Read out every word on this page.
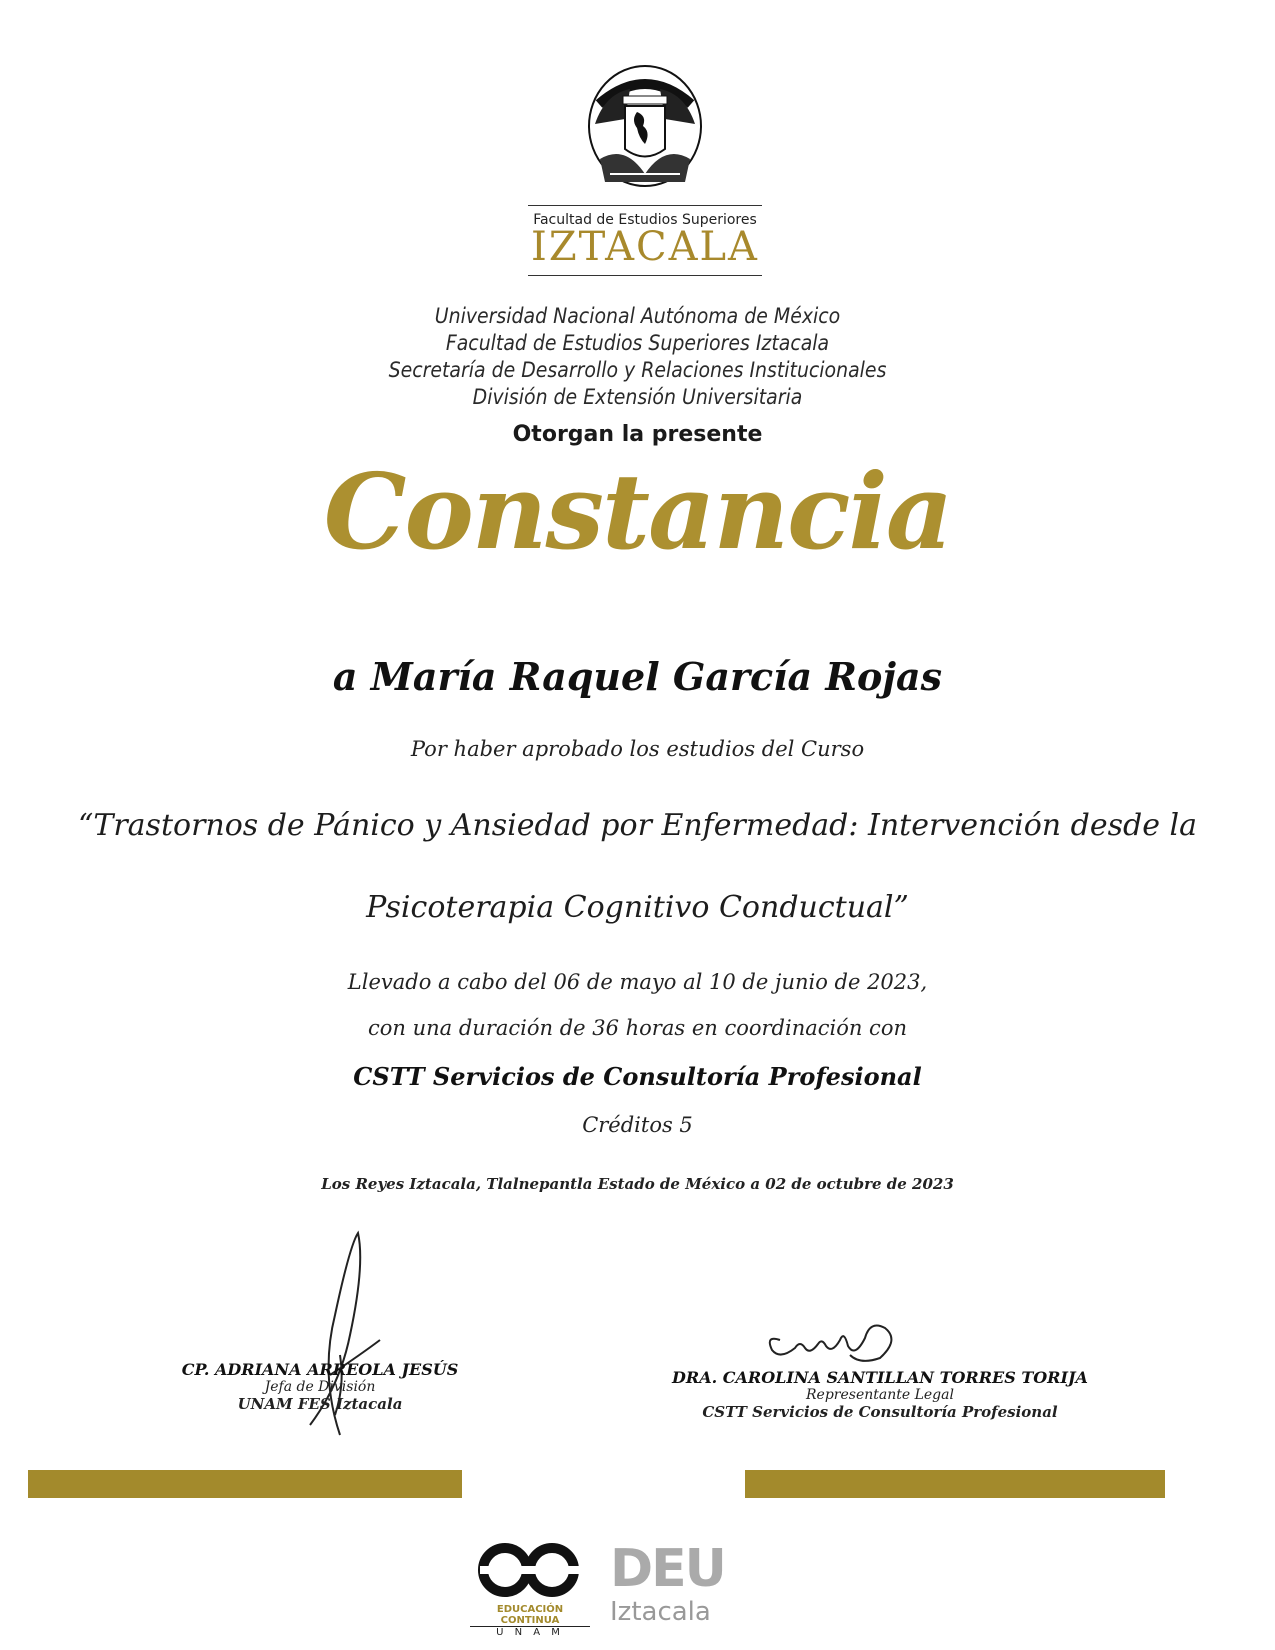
Facultad de Estudios Superiores
IZTACALA
Universidad Nacional Autónoma de México
Facultad de Estudios Superiores Iztacala
Secretaría de Desarrollo y Relaciones Institucionales
División de Extensión Universitaria
Otorgan la presente
Constancia
a María Raquel García Rojas
Por haber aprobado los estudios del Curso
“Trastornos de Pánico y Ansiedad por Enfermedad: Intervención desde la
Psicoterapia Cognitivo Conductual”
Llevado a cabo del 06 de mayo al 10 de junio de 2023,
con una duración de 36 horas en coordinación con
CSTT Servicios de Consultoría Profesional
Créditos 5
Los Reyes Iztacala, Tlalnepantla Estado de México a 02 de octubre de 2023
CP. ADRIANA ARREOLA JESÚS
Jefa de División
UNAM FES Iztacala
DRA. CAROLINA SANTILLAN TORRES TORIJA
Representante Legal
CSTT Servicios de Consultoría Profesional
EDUCACIÓN CONTINUA
U N A M
DEU
Iztacala
